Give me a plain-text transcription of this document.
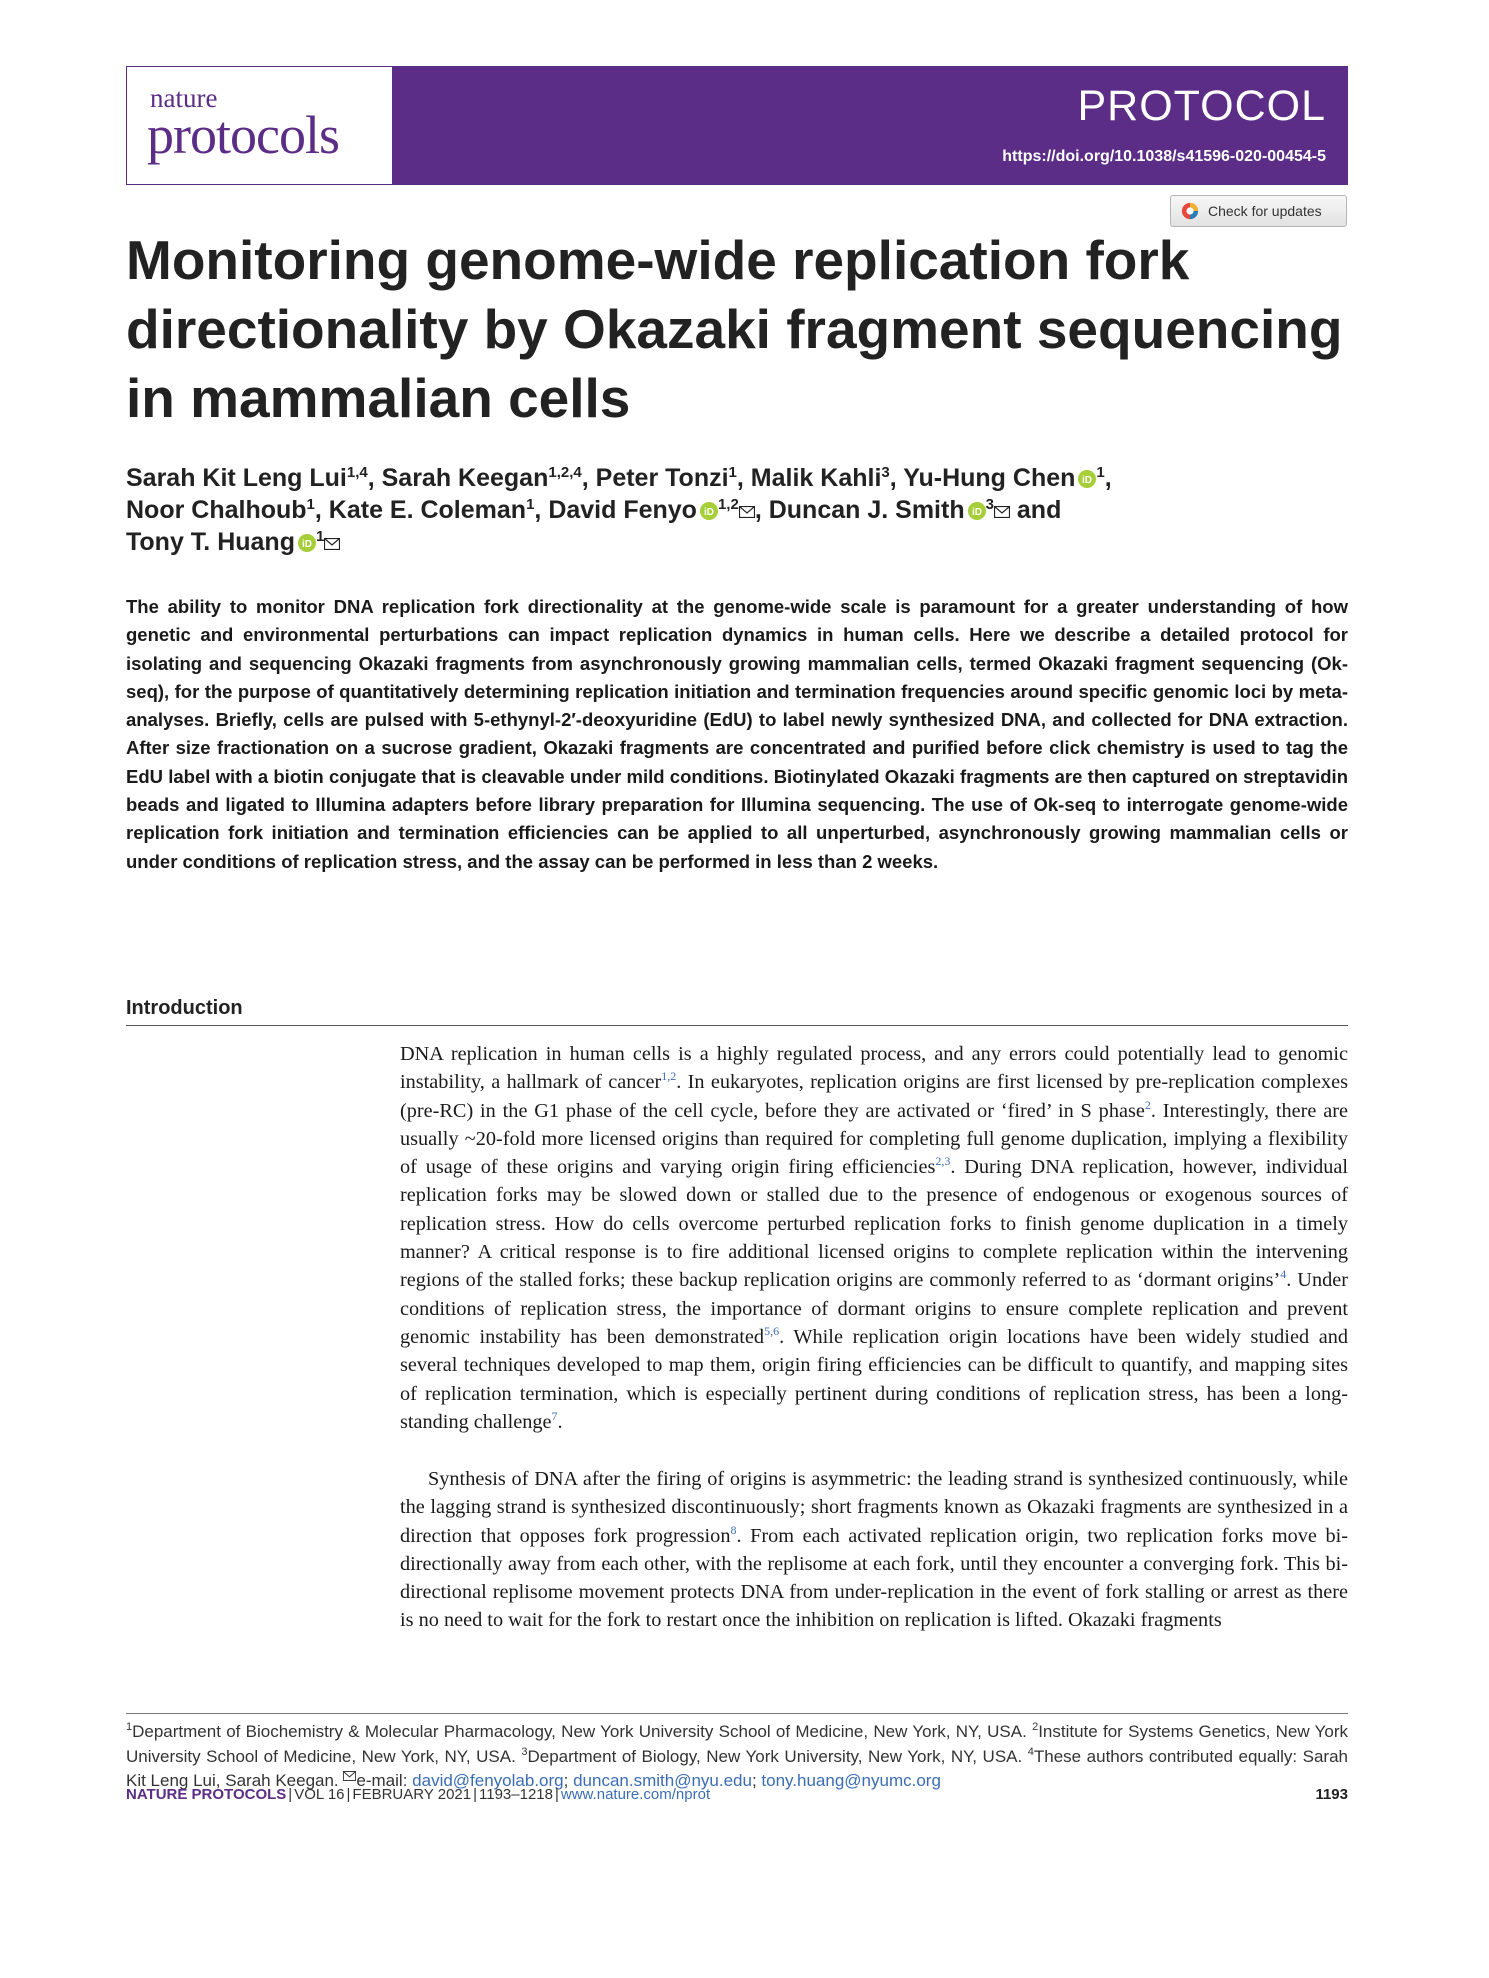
nature
protocols	PROTOCOL
https://doi.org/10.1038/s41596-020-00454-5
Check for updates
Monitoring genome-wide replication fork directionality by Okazaki fragment sequencing in mammalian cells

Sarah Kit Leng Lui$^{1,4}$, Sarah Keegan$^{1,2,4}$, Peter Tonzi$^1$, Malik Kahli$^3$, Yu-Hung Chen iD $^1$,
Noor Chalhoub$^1$, Kate E. Coleman$^1$, David Fenyo iD $^{1,2}$ , Duncan J. Smith iD $^3$ and
Tony T. Huang iD $^1$

The ability to monitor DNA replication fork directionality at the genome-wide scale is paramount for a greater understanding of how genetic and environmental perturbations can impact replication dynamics in human cells. Here we describe a detailed protocol for isolating and sequencing Okazaki fragments from asynchronously growing mammalian cells, termed Okazaki fragment sequencing (Ok-seq), for the purpose of quantitatively determining replication initiation and termination frequencies around specific genomic loci by meta-analyses. Briefly, cells are pulsed with 5-ethynyl-2′-deoxyuridine (EdU) to label newly synthesized DNA, and collected for DNA extraction. After size fractionation on a sucrose gradient, Okazaki fragments are concentrated and purified before click chemistry is used to tag the EdU label with a biotin conjugate that is cleavable under mild conditions. Biotinylated Okazaki fragments are then captured on streptavidin beads and ligated to Illumina adapters before library preparation for Illumina sequencing. The use of Ok-seq to interrogate genome-wide replication fork initiation and termination efficiencies can be applied to all unperturbed, asynchronously growing mammalian cells or under conditions of replication stress, and the assay can be performed in less than 2 weeks.

Introduction

DNA replication in human cells is a highly regulated process, and any errors could potentially lead to genomic instability, a hallmark of cancer$^{1,2}$. In eukaryotes, replication origins are first licensed by pre-replication complexes (pre-RC) in the G1 phase of the cell cycle, before they are activated or ‘fired’ in S phase$^2$. Interestingly, there are usually ~20-fold more licensed origins than required for completing full genome duplication, implying a flexibility of usage of these origins and varying origin firing efficiencies$^{2,3}$. During DNA replication, however, individual replication forks may be slowed down or stalled due to the presence of endogenous or exogenous sources of replication stress. How do cells overcome perturbed replication forks to finish genome duplication in a timely manner? A critical response is to fire additional licensed origins to complete replication within the intervening regions of the stalled forks; these backup replication origins are commonly referred to as ‘dormant origins’$^4$. Under conditions of replication stress, the importance of dormant origins to ensure complete replication and prevent genomic instability has been demonstrated$^{5,6}$. While replication origin locations have been widely studied and several techniques developed to map them, origin firing efficiencies can be difficult to quantify, and mapping sites of replication termination, which is especially pertinent during conditions of replication stress, has been a long-standing challenge$^7$.

Synthesis of DNA after the firing of origins is asymmetric: the leading strand is synthesized continuously, while the lagging strand is synthesized discontinuously; short fragments known as Okazaki fragments are synthesized in a direction that opposes fork progression$^8$. From each activated replication origin, two replication forks move bi-directionally away from each other, with the replisome at each fork, until they encounter a converging fork. This bi-directional replisome movement protects DNA from under-replication in the event of fork stalling or arrest as there is no need to wait for the fork to restart once the inhibition on replication is lifted. Okazaki fragments

$^1$Department of Biochemistry & Molecular Pharmacology, New York University School of Medicine, New York, NY, USA. $^2$Institute for Systems Genetics, New York University School of Medicine, New York, NY, USA. $^3$Department of Biology, New York University, New York, NY, USA. $^4$These authors contributed equally: Sarah Kit Leng Lui, Sarah Keegan. e-mail: david@fenyolab.org; duncan.smith@nyu.edu; tony.huang@nyumc.org

NATURE PROTOCOLS | VOL 16 | FEBRUARY 2021 | 1193–1218 | www.nature.com/nprot	1193
